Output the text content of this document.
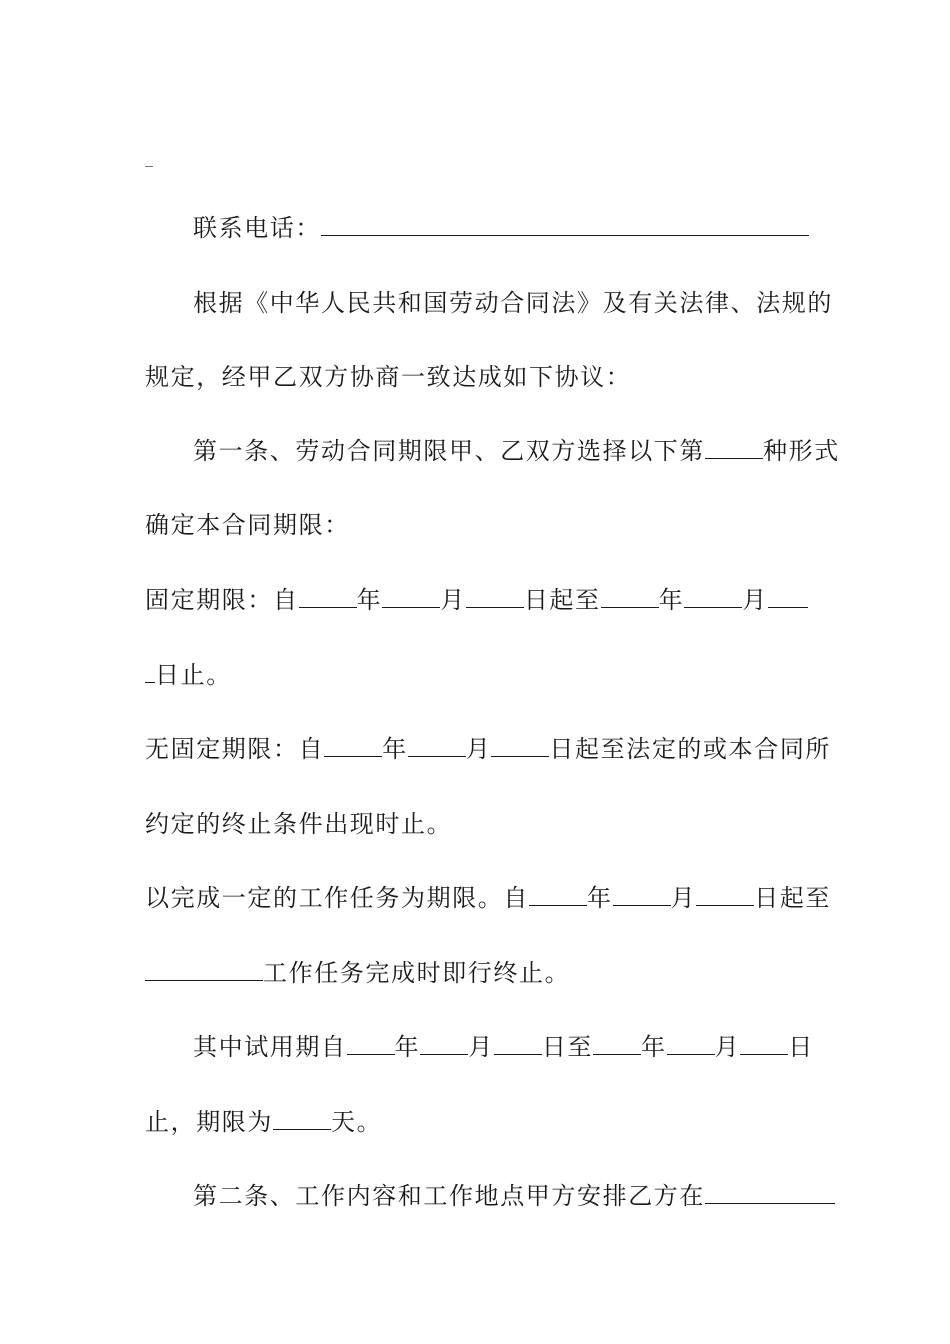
_
联系电话：
根据《中华人民共和国劳动合同法》及有关法律、法规的
规定，经甲乙双方协商一致达成如下协议：
第一条、劳动合同期限甲、乙双方选择以下第 种形式
确定本合同期限：
固定期限：自 年 月 日起至 年 月
日止。
无固定期限：自 年 月 日起至法定的或本合同所
约定的终止条件出现时止。
以完成一定的工作任务为期限。自 年 月 日起至
工作任务完成时即行终止。
其中试用期自 年 月 日至 年 月 日
止，期限为 天。
第二条、工作内容和工作地点甲方安排乙方在
